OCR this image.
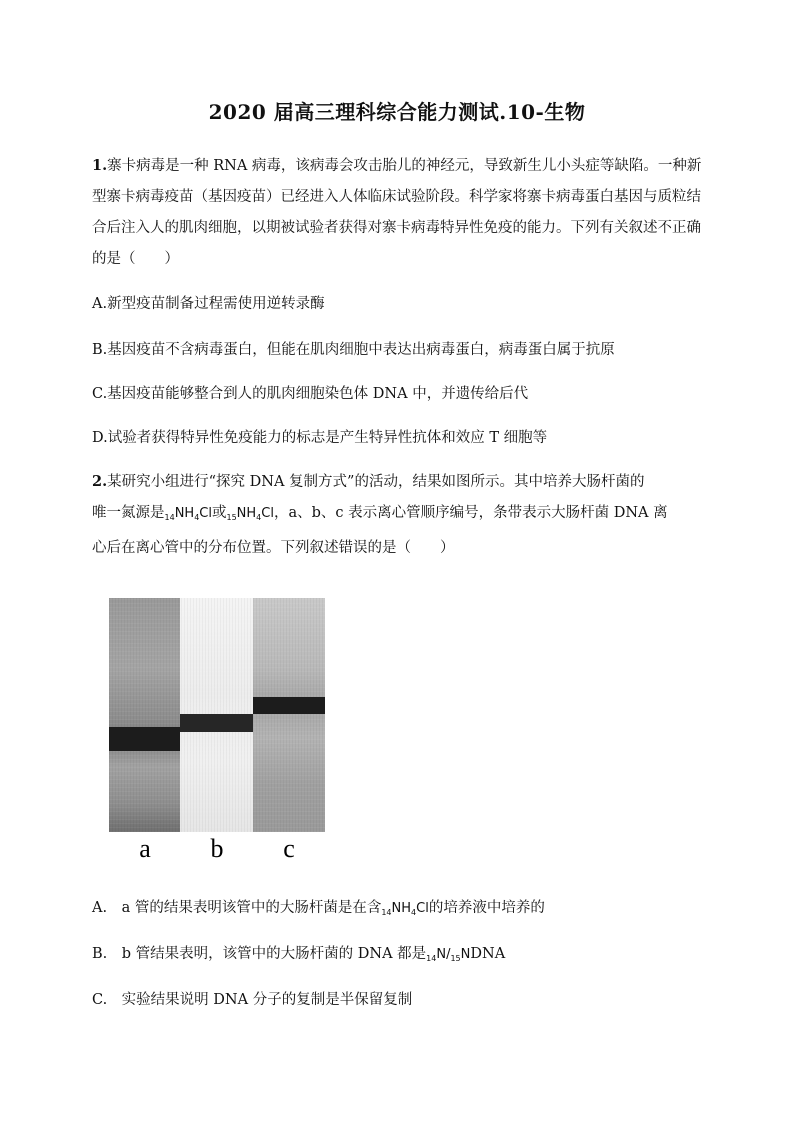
2020 届高三理科综合能力测试.10-生物
1.寨卡病毒是一种 RNA 病毒，该病毒会攻击胎儿的神经元，导致新生儿小头症等缺陷。一种新型寨卡病毒疫苗（基因疫苗）已经进入人体临床试验阶段。科学家将寨卡病毒蛋白基因与质粒结合后注入人的肌肉细胞，以期被试验者获得对寨卡病毒特异性免疫的能力。下列有关叙述不正确的是（　　）
A.新型疫苗制备过程需使用逆转录酶
B.基因疫苗不含病毒蛋白，但能在肌肉细胞中表达出病毒蛋白，病毒蛋白属于抗原
C.基因疫苗能够整合到人的肌肉细胞染色体 DNA 中，并遗传给后代
D.试验者获得特异性免疫能力的标志是产生特异性抗体和效应 T 细胞等
2.某研究小组进行“探究 DNA 复制方式”的活动，结果如图所示。其中培养大肠杆菌的
唯一氮源是$_{14}NH_4Cl$或$_{15}NH_4Cl$，a、b、c 表示离心管顺序编号，条带表示大肠杆菌 DNA 离
心后在离心管中的分布位置。下列叙述错误的是（　　）
a	b	c
A.　a 管的结果表明该管中的大肠杆菌是在含$_{14}NH_4Cl$的培养液中培养的
B.　b 管结果表明，该管中的大肠杆菌的 DNA 都是$_{14}N/_{15}NDNA$
C.　实验结果说明 DNA 分子的复制是半保留复制
